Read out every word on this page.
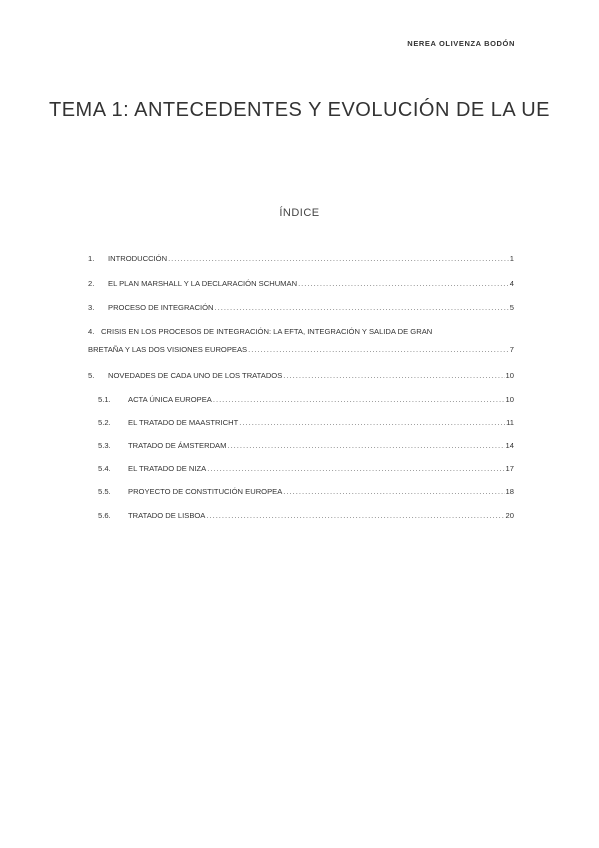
NEREA OLIVENZA BODÓN
TEMA 1: ANTECEDENTES Y EVOLUCIÓN DE LA UE
ÍNDICE
1.	INTRODUCCIÓN .....	1
2.	EL PLAN MARSHALL Y LA DECLARACIÓN SCHUMAN .....	4
3.	PROCESO DE INTEGRACIÓN .....	5
4. CRISIS EN LOS PROCESOS DE INTEGRACIÓN: LA EFTA, INTEGRACIÓN Y SALIDA DE GRAN
BRETAÑA Y LAS DOS VISIONES EUROPEAS .....	7
5.	NOVEDADES DE CADA UNO DE LOS TRATADOS .....	10
5.1.	ACTA ÚNICA EUROPEA .....	10
5.2.	EL TRATADO DE MAASTRICHT .....	11
5.3.	TRATADO DE ÁMSTERDAM .....	14
5.4.	EL TRATADO DE NIZA .....	17
5.5.	PROYECTO DE CONSTITUCIÓN EUROPEA .....	18
5.6.	TRATADO DE LISBOA .....	20
